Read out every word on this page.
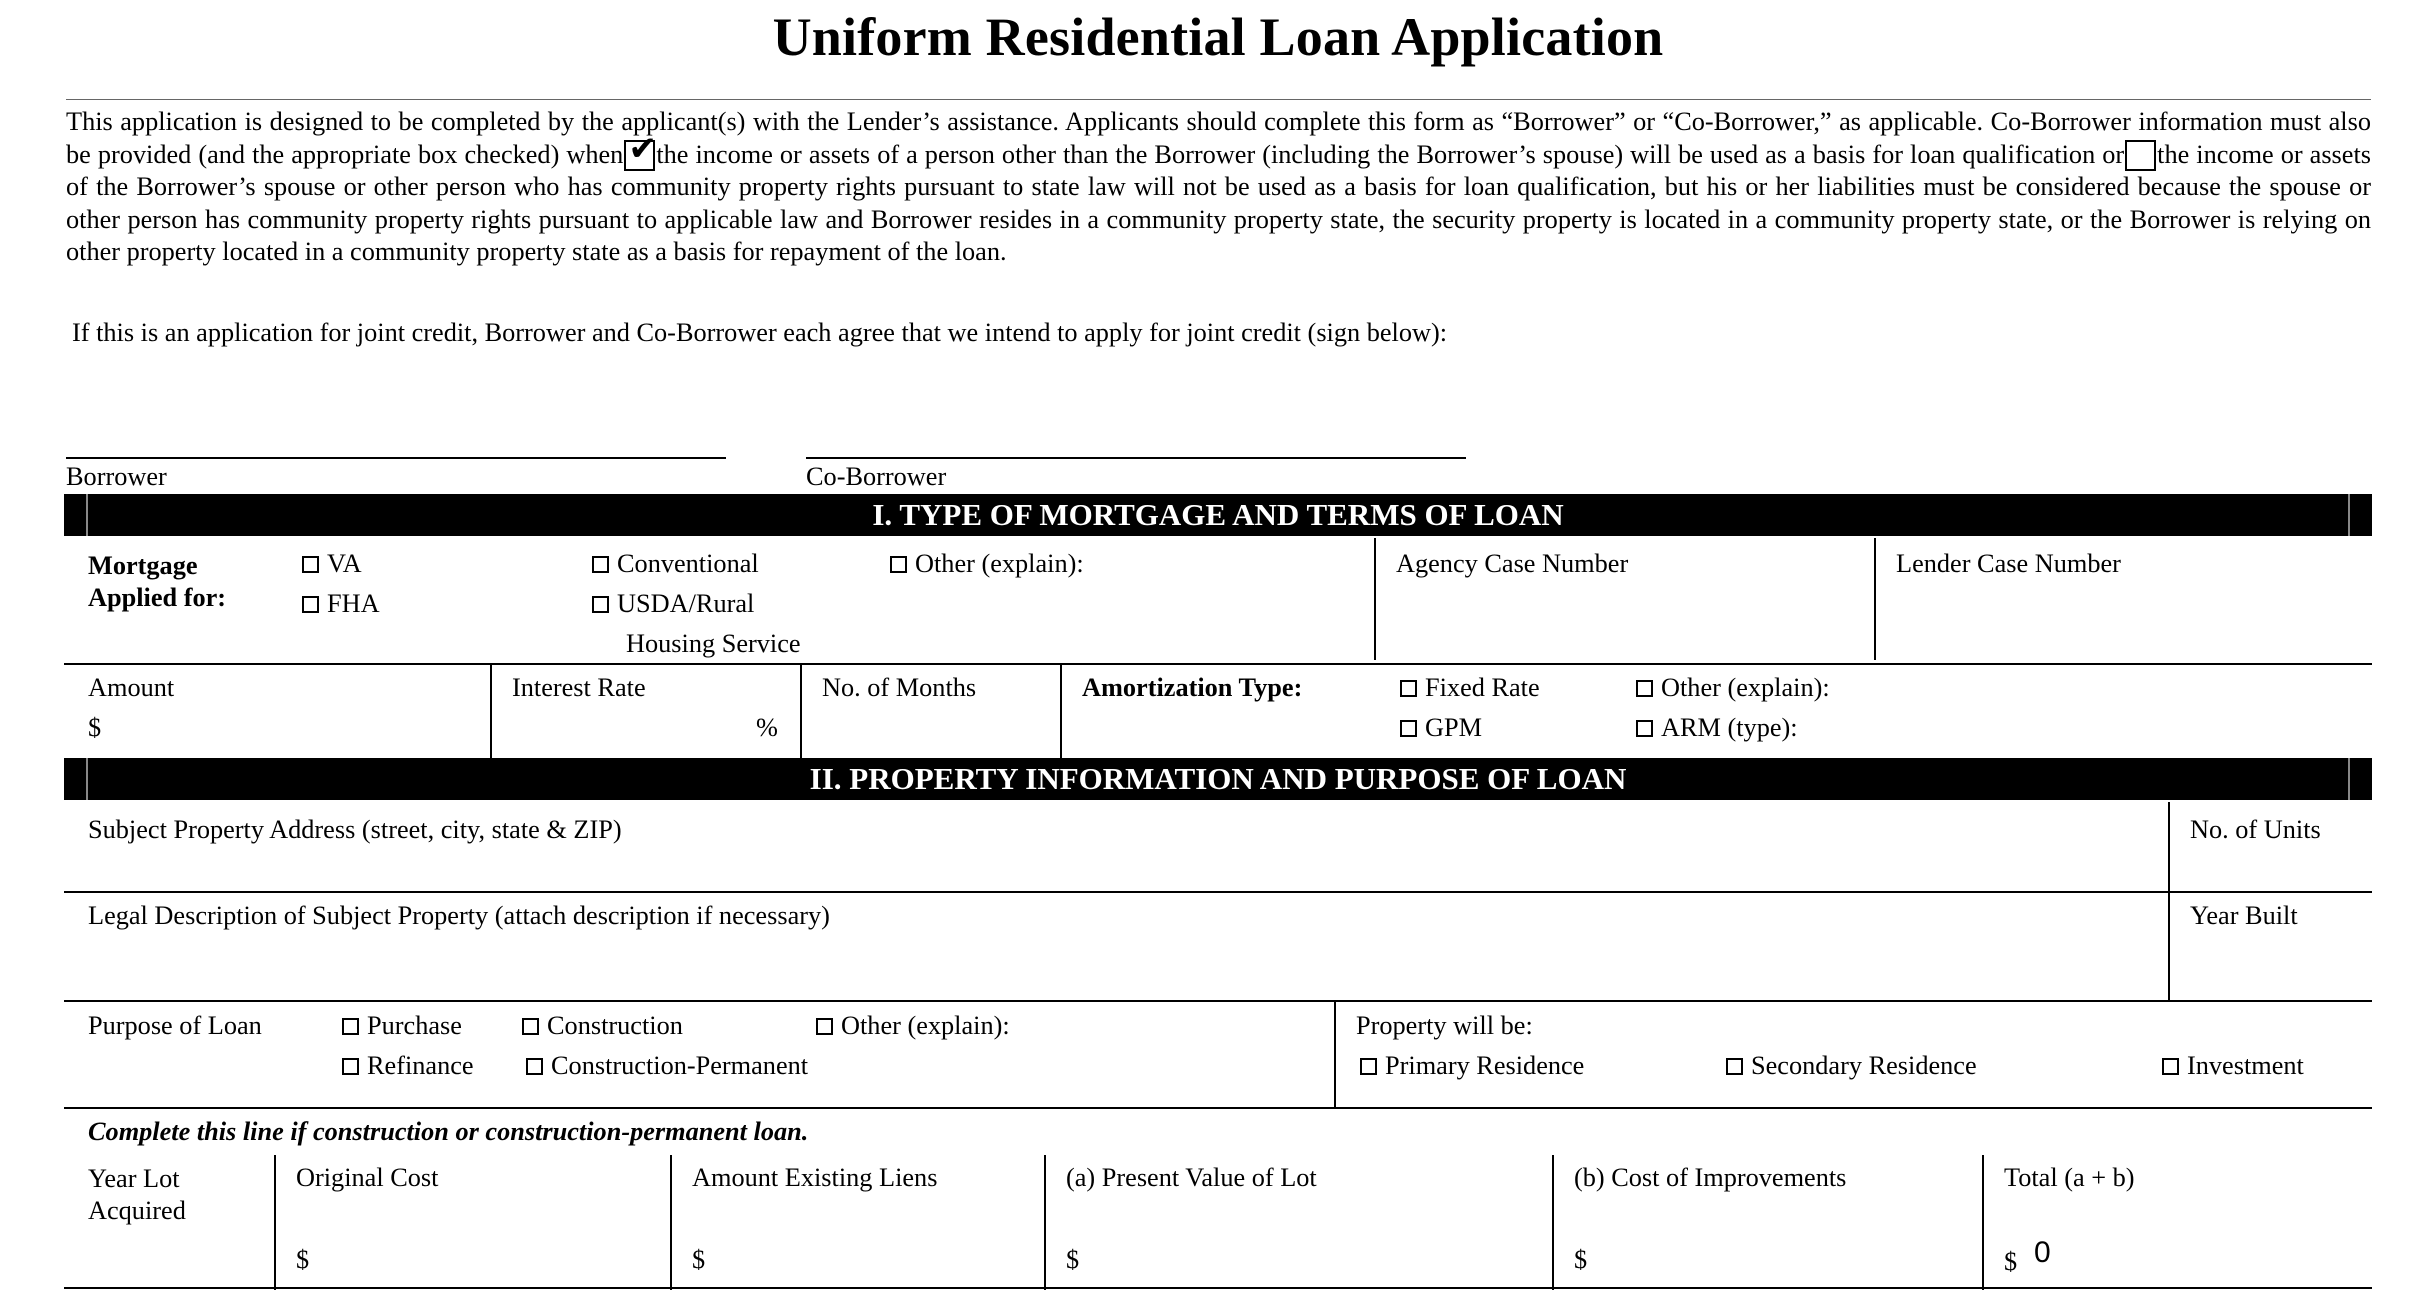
Uniform Residential Loan Application
This application is designed to be completed by the applicant(s) with the Lender’s assistance. Applicants should complete this form as “Borrower” or “Co-Borrower,” as applicable. Co-Borrower information must also be provided (and the appropriate box checked) when✔ the income or assets of a person other than the Borrower (including the Borrower’s spouse) will be used as a basis for loan qualification or the income or assets of the Borrower’s spouse or other person who has community property rights pursuant to state law will not be used as a basis for loan qualification, but his or her liabilities must be considered because the spouse or other person has community property rights pursuant to applicable law and Borrower resides in a community property state, the security property is located in a community property state, or the Borrower is relying on other property located in a community property state as a basis for repayment of the loan.
If this is an application for joint credit, Borrower and Co-Borrower each agree that we intend to apply for joint credit (sign below):
Borrower	Co-Borrower
I. TYPE OF MORTGAGE AND TERMS OF LOAN
Mortgage
Applied for:
VA
FHA
Conventional
USDA/Rural
Housing Service
Other (explain):	Agency Case Number	Lender Case Number
Amount
$
Interest Rate
%
No. of Months	Amortization Type:	Fixed Rate
GPM
Other (explain):
ARM (type):
II. PROPERTY INFORMATION AND PURPOSE OF LOAN
Subject Property Address (street, city, state & ZIP)	No. of Units
Legal Description of Subject Property (attach description if necessary)	Year Built
Purpose of Loan	Purchase
Refinance
Construction
Construction-Permanent
Other (explain):	Property will be:
Primary Residence	Secondary Residence	Investment
Complete this line if construction or construction-permanent loan.
Year Lot
Acquired
Original Cost
$
Amount Existing Liens
$
(a) Present Value of Lot
$
(b) Cost of Improvements
$
Total (a + b)
$ 0
